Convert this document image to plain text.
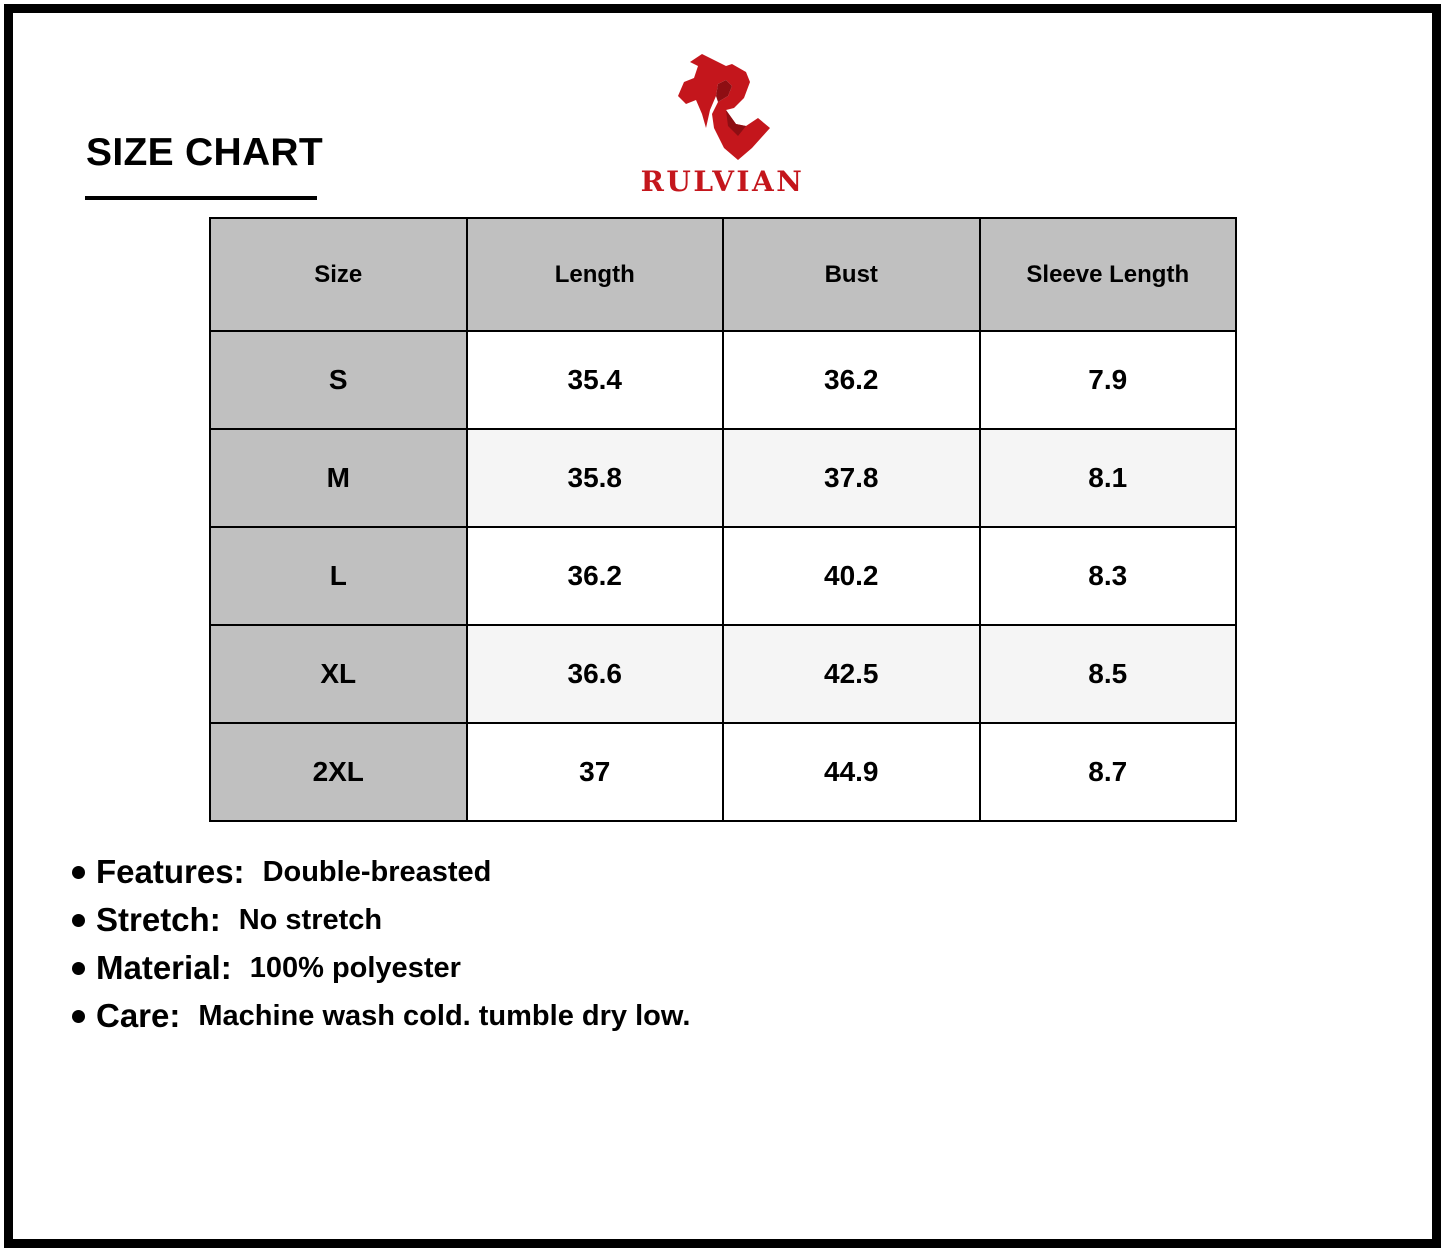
SIZE CHART
RULVIAN
Size	Length	Bust	Sleeve Length
S	35.4	36.2	7.9
M	35.8	37.8	8.1
L	36.2	40.2	8.3
XL	36.6	42.5	8.5
2XL	37	44.9	8.7
Features: Double-breasted
Stretch: No stretch
Material: 100% polyester
Care: Machine wash cold. tumble dry low.
